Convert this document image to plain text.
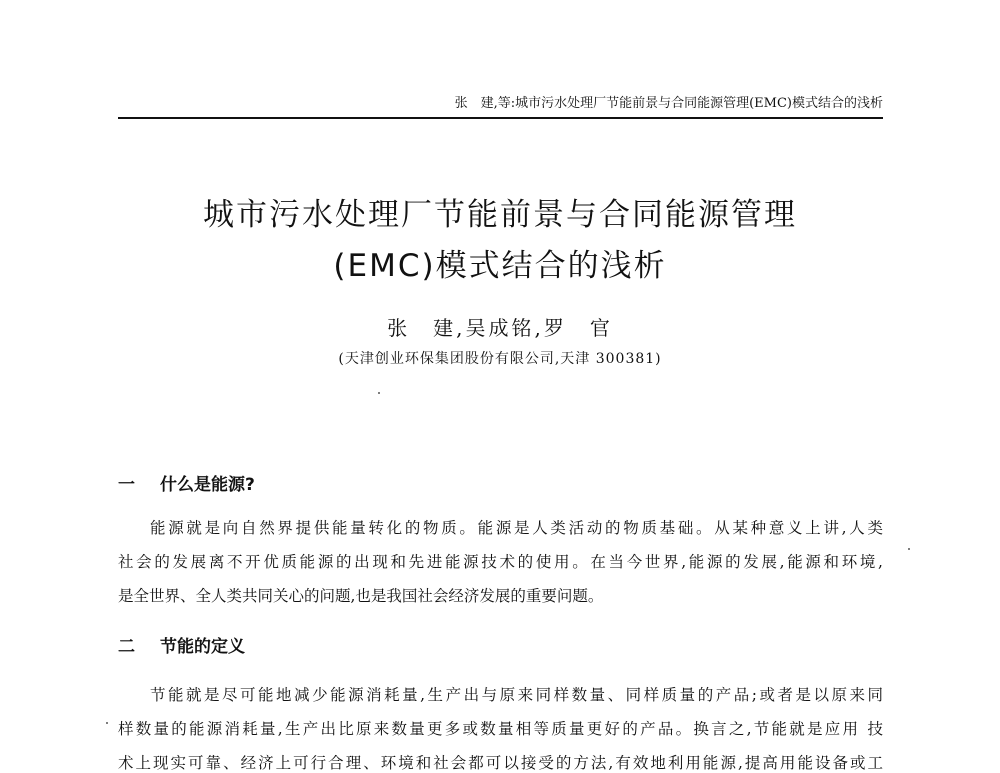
张　建,等:城市污水处理厂节能前景与合同能源管理(EMC)模式结合的浅析
城市污水处理厂节能前景与合同能源管理
(EMC)模式结合的浅析
张　建,吴成铭,罗　官
(天津创业环保集团股份有限公司,天津 300381)
一 什么是能源?
能源就是向自然界提供能量转化的物质。能源是人类活动的物质基础。从某种意义上讲,人类
社会的发展离不开优质能源的出现和先进能源技术的使用。在当今世界,能源的发展,能源和环境,
是全世界、全人类共同关心的问题,也是我国社会经济发展的重要问题。
二 节能的定义
节能就是尽可能地减少能源消耗量,生产出与原来同样数量、同样质量的产品;或者是以原来同
样数量的能源消耗量,生产出比原来数量更多或数量相等质量更好的产品。换言之,节能就是应用 技
术上现实可靠、经济上可行合理、环境和社会都可以接受的方法,有效地利用能源,提高用能设备或工
